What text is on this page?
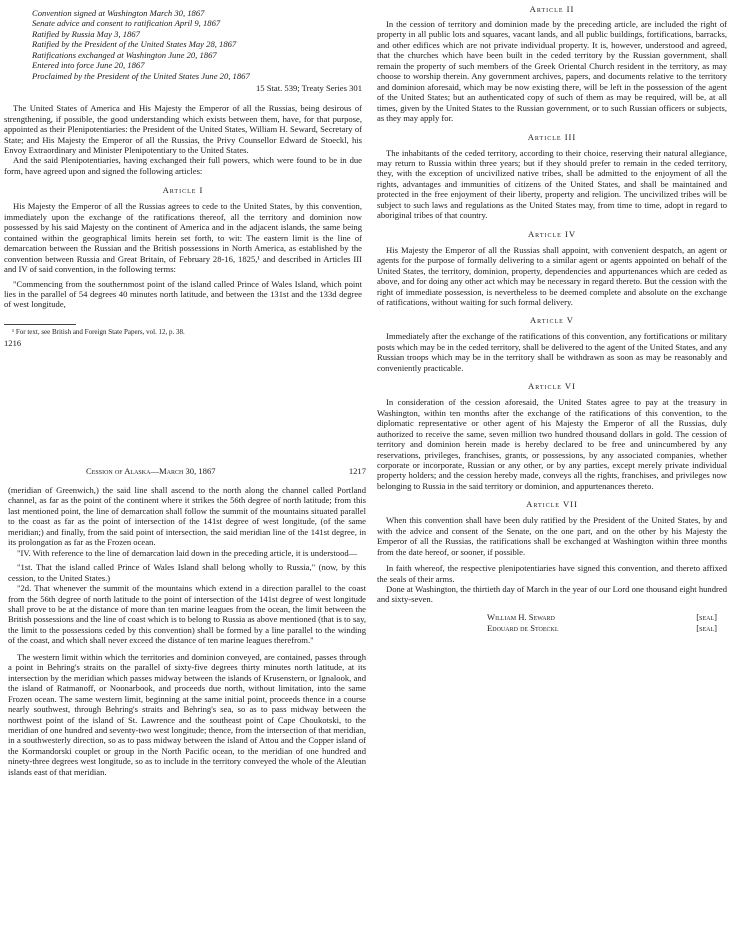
Convention signed at Washington March 30, 1867
Senate advice and consent to ratification April 9, 1867
Ratified by Russia May 3, 1867
Ratified by the President of the United States May 28, 1867
Ratifications exchanged at Washington June 20, 1867
Entered into force June 20, 1867
Proclaimed by the President of the United States June 20, 1867
15 Stat. 539; Treaty Series 301

The United States of America and His Majesty the Emperor of all the Russias, being desirous of strengthening, if possible, the good understanding which exists between them, have, for that purpose, appointed as their Plenipotentiaries: the President of the United States, William H. Seward, Secretary of State; and His Majesty the Emperor of all the Russias, the Privy Counsellor Edward de Stoeckl, his Envoy Extraordinary and Minister Plenipotentiary to the United States.

And the said Plenipotentiaries, having exchanged their full powers, which were found to be in due form, have agreed upon and signed the following articles:

Article I

His Majesty the Emperor of all the Russias agrees to cede to the United States, by this convention, immediately upon the exchange of the ratifications thereof, all the territory and dominion now possessed by his said Majesty on the continent of America and in the adjacent islands, the same being contained within the geographical limits herein set forth, to wit: The eastern limit is the line of demarcation between the Russian and the British possessions in North America, as established by the convention between Russia and Great Britain, of February 28-16, 1825,¹ and described in Articles III and IV of said convention, in the following terms:

"Commencing from the southernmost point of the island called Prince of Wales Island, which point lies in the parallel of 54 degrees 40 minutes north latitude, and between the 131st and the 133d degree of west longitude,

¹ For text, see British and Foreign State Papers, vol. 12, p. 38.
1216
Cession of Alaska—March 30, 1867	1217

(meridian of Greenwich,) the said line shall ascend to the north along the channel called Portland channel, as far as the point of the continent where it strikes the 56th degree of north latitude; from this last mentioned point, the line of demarcation shall follow the summit of the mountains situated parallel to the coast as far as the point of intersection of the 141st degree of west longitude, (of the same meridian;) and finally, from the said point of intersection, the said meridian line of the 141st degree, in its prolongation as far as the Frozen ocean.

"IV. With reference to the line of demarcation laid down in the preceding article, it is understood—

"1st. That the island called Prince of Wales Island shall belong wholly to Russia," (now, by this cession, to the United States.)

"2d. That whenever the summit of the mountains which extend in a direction parallel to the coast from the 56th degree of north latitude to the point of intersection of the 141st degree of west longitude shall prove to be at the distance of more than ten marine leagues from the ocean, the limit between the British possessions and the line of coast which is to belong to Russia as above mentioned (that is to say, the limit to the possessions ceded by this convention) shall be formed by a line parallel to the winding of the coast, and which shall never exceed the distance of ten marine leagues therefrom."

The western limit within which the territories and dominion conveyed, are contained, passes through a point in Behring's straits on the parallel of sixty-five degrees thirty minutes north latitude, at its intersection by the meridian which passes midway between the islands of Krusenstern, or Ignalook, and the island of Ratmanoff, or Noonarbook, and proceeds due north, without limitation, into the same Frozen ocean. The same western limit, beginning at the same initial point, proceeds thence in a course nearly southwest, through Behring's straits and Behring's sea, so as to pass midway between the northwest point of the island of St. Lawrence and the southeast point of Cape Choukotski, to the meridian of one hundred and seventy-two west longitude; thence, from the intersection of that meridian, in a southwesterly direction, so as to pass midway between the island of Attou and the Copper island of the Kormandorski couplet or group in the North Pacific ocean, to the meridian of one hundred and ninety-three degrees west longitude, so as to include in the territory conveyed the whole of the Aleutian islands east of that meridian.

Article II

In the cession of territory and dominion made by the preceding article, are included the right of property in all public lots and squares, vacant lands, and all public buildings, fortifications, barracks, and other edifices which are not private individual property. It is, however, understood and agreed, that the churches which have been built in the ceded territory by the Russian government, shall remain the property of such members of the Greek Oriental Church resident in the territory, as may choose to worship therein. Any government archives, papers, and documents relative to the territory and dominion aforesaid, which may be now existing there, will be left in the possession of the agent of the United States; but an authenticated copy of such of them as may be required, will be, at all times, given by the United States to the Russian government, or to such Russian officers or subjects, as they may apply for.

Article III

The inhabitants of the ceded territory, according to their choice, reserving their natural allegiance, may return to Russia within three years; but if they should prefer to remain in the ceded territory, they, with the exception of uncivilized native tribes, shall be admitted to the enjoyment of all the rights, advantages and immunities of citizens of the United States, and shall be maintained and protected in the free enjoyment of their liberty, property and religion. The uncivilized tribes will be subject to such laws and regulations as the United States may, from time to time, adopt in regard to aboriginal tribes of that country.

Article IV

His Majesty the Emperor of all the Russias shall appoint, with convenient despatch, an agent or agents for the purpose of formally delivering to a similar agent or agents appointed on behalf of the United States, the territory, dominion, property, dependencies and appurtenances which are ceded as above, and for doing any other act which may be necessary in regard thereto. But the cession with the right of immediate possession, is nevertheless to be deemed complete and absolute on the exchange of ratifications, without waiting for such formal delivery.

Article V

Immediately after the exchange of the ratifications of this convention, any fortifications or military posts which may be in the ceded territory, shall be delivered to the agent of the United States, and any Russian troops which may be in the territory shall be withdrawn as soon as may be reasonably and conveniently practicable.

Article VI

In consideration of the cession aforesaid, the United States agree to pay at the treasury in Washington, within ten months after the exchange of the ratifications of this convention, to the diplomatic representative or other agent of his Majesty the Emperor of all the Russias, duly authorized to receive the same, seven million two hundred thousand dollars in gold. The cession of territory and dominion herein made is hereby declared to be free and unincumbered by any reservations, privileges, franchises, grants, or possessions, by any associated companies, whether corporate or incorporate, Russian or any other, or by any parties, except merely private individual property holders; and the cession hereby made, conveys all the rights, franchises, and privileges now belonging to Russia in the said territory or dominion, and appurtenances thereto.

Article VII

When this convention shall have been duly ratified by the President of the United States, by and with the advice and consent of the Senate, on the one part, and on the other by his Majesty the Emperor of all the Russias, the ratifications shall be exchanged at Washington within three months from the date hereof, or sooner, if possible.

In faith whereof, the respective plenipotentiaries have signed this convention, and thereto affixed the seals of their arms.

Done at Washington, the thirtieth day of March in the year of our Lord one thousand eight hundred and sixty-seven.

William H. Seward	[seal]
Edouard de Stoeckl	[seal]
